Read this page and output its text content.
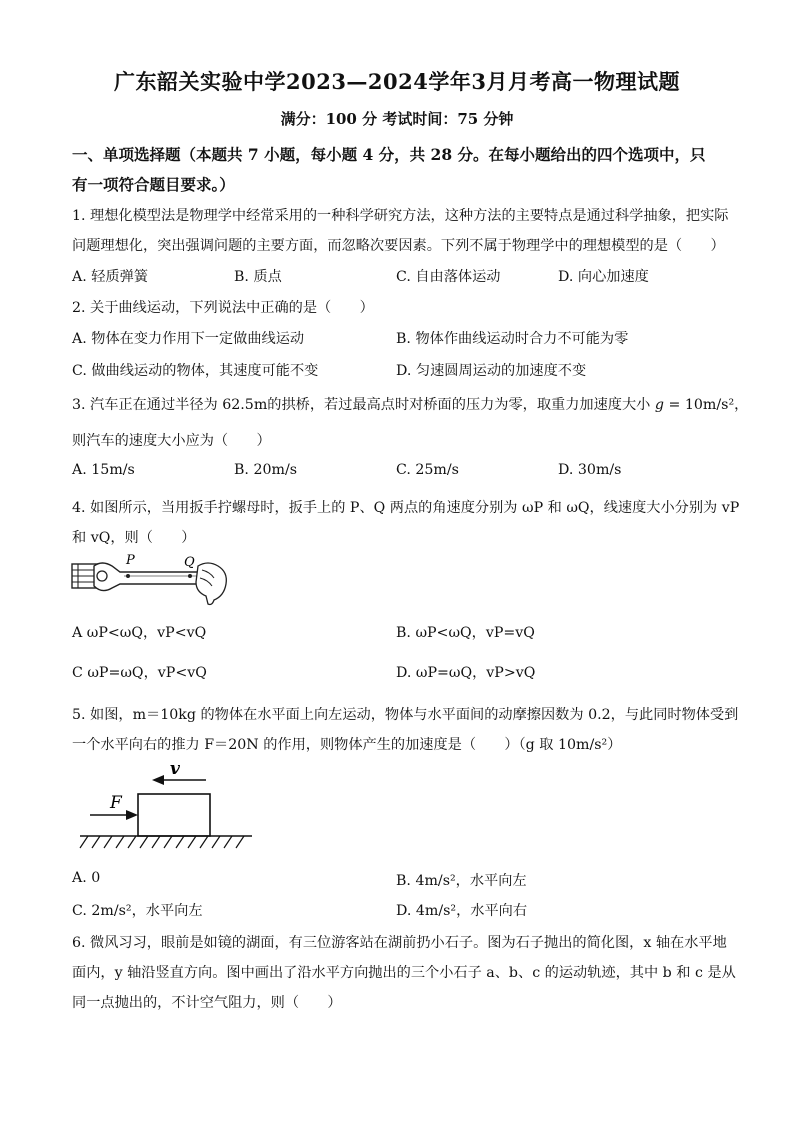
广东韶关实验中学2023—2024学年3月月考高一物理试题
满分：100 分 考试时间：75 分钟
一、单项选择题（本题共 7 小题，每小题 4 分，共 28 分。在每小题给出的四个选项中，只
有一项符合题目要求。）
1. 理想化模型法是物理学中经常采用的一种科学研究方法，这种方法的主要特点是通过科学抽象，把实际
问题理想化，突出强调问题的主要方面，而忽略次要因素。下列不属于物理学中的理想模型的是（　　）
A. 轻质弹簧	B. 质点	C. 自由落体运动	D. 向心加速度
2. 关于曲线运动，下列说法中正确的是（　　）
A. 物体在变力作用下一定做曲线运动	B. 物体作曲线运动时合力不可能为零
C. 做曲线运动的物体，其速度可能不变	D. 匀速圆周运动的加速度不变
3. 汽车正在通过半径为 62.5m的拱桥，若过最高点时对桥面的压力为零，取重力加速度大小 g = 10m/s²，
则汽车的速度大小应为（　　）
A. 15m/s	B. 20m/s	C. 25m/s	D. 30m/s
4. 如图所示，当用扳手拧螺母时，扳手上的 P、Q 两点的角速度分别为 ωP 和 ωQ，线速度大小分别为 vP
和 vQ，则（　　）
P	Q
A ωP<ωQ，vP<vQ	B. ωP<ωQ，vP=vQ
C ωP=ωQ，vP<vQ	D. ωP=ωQ，vP>vQ
5. 如图，m＝10kg 的物体在水平面上向左运动，物体与水平面间的动摩擦因数为 0.2，与此同时物体受到
一个水平向右的推力 F＝20N 的作用，则物体产生的加速度是（　　）（g 取 10m/s²）
v
F
A. 0	B. 4m/s²，水平向左
C. 2m/s²，水平向左	D. 4m/s²，水平向右
6. 微风习习，眼前是如镜的湖面，有三位游客站在湖前扔小石子。图为石子抛出的简化图，x 轴在水平地
面内，y 轴沿竖直方向。图中画出了沿水平方向抛出的三个小石子 a、b、c 的运动轨迹，其中 b 和 c 是从
同一点抛出的，不计空气阻力，则（　　）
